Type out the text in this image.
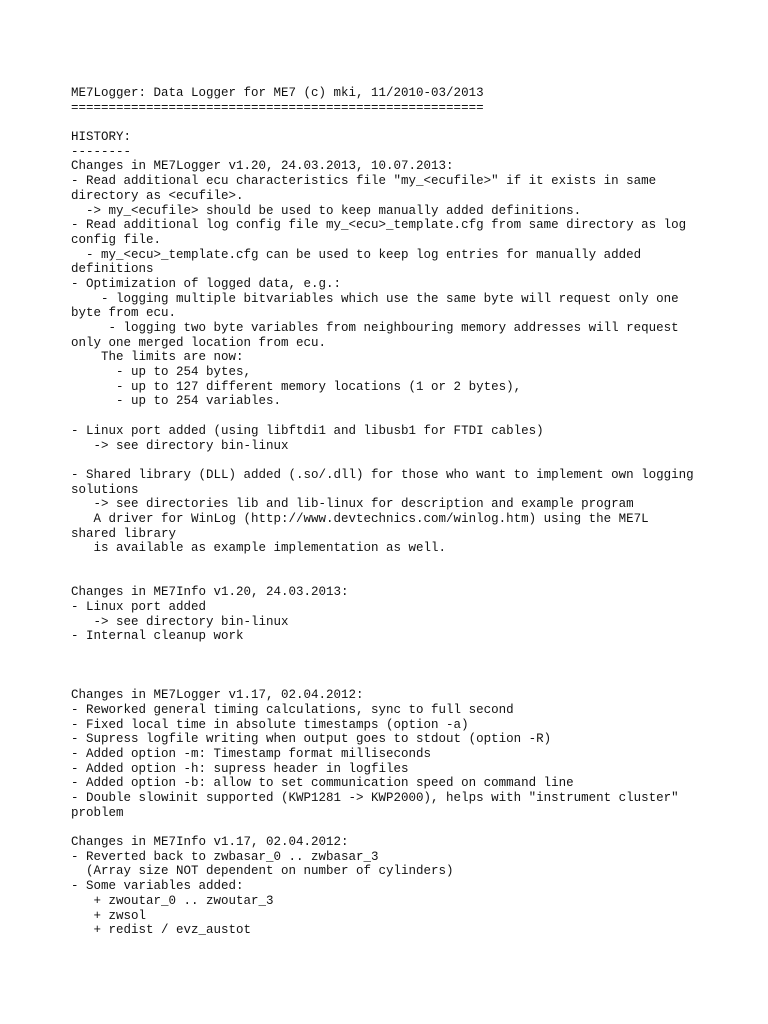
ME7Logger: Data Logger for ME7 (c) mki, 11/2010-03/2013
=======================================================
HISTORY:
--------
Changes in ME7Logger v1.20, 24.03.2013, 10.07.2013:
- Read additional ecu characteristics file "my_<ecufile>" if it exists in same
directory as <ecufile>.
-> my_<ecufile> should be used to keep manually added definitions.
- Read additional log config file my_<ecu>_template.cfg from same directory as log
config file.
- my_<ecu>_template.cfg can be used to keep log entries for manually added
definitions
- Optimization of logged data, e.g.:
- logging multiple bitvariables which use the same byte will request only one
byte from ecu.
- logging two byte variables from neighbouring memory addresses will request
only one merged location from ecu.
The limits are now:
- up to 254 bytes,
- up to 127 different memory locations (1 or 2 bytes),
- up to 254 variables.
- Linux port added (using libftdi1 and libusb1 for FTDI cables)
-> see directory bin-linux
- Shared library (DLL) added (.so/.dll) for those who want to implement own logging
solutions
-> see directories lib and lib-linux for description and example program
A driver for WinLog (http://www.devtechnics.com/winlog.htm) using the ME7L
shared library
is available as example implementation as well.
Changes in ME7Info v1.20, 24.03.2013:
- Linux port added
-> see directory bin-linux
- Internal cleanup work
Changes in ME7Logger v1.17, 02.04.2012:
- Reworked general timing calculations, sync to full second
- Fixed local time in absolute timestamps (option -a)
- Supress logfile writing when output goes to stdout (option -R)
- Added option -m: Timestamp format milliseconds
- Added option -h: supress header in logfiles
- Added option -b: allow to set communication speed on command line
- Double slowinit supported (KWP1281 -> KWP2000), helps with "instrument cluster"
problem
Changes in ME7Info v1.17, 02.04.2012:
- Reverted back to zwbasar_0 .. zwbasar_3
(Array size NOT dependent on number of cylinders)
- Some variables added:
+ zwoutar_0 .. zwoutar_3
+ zwsol
+ redist / evz_austot
